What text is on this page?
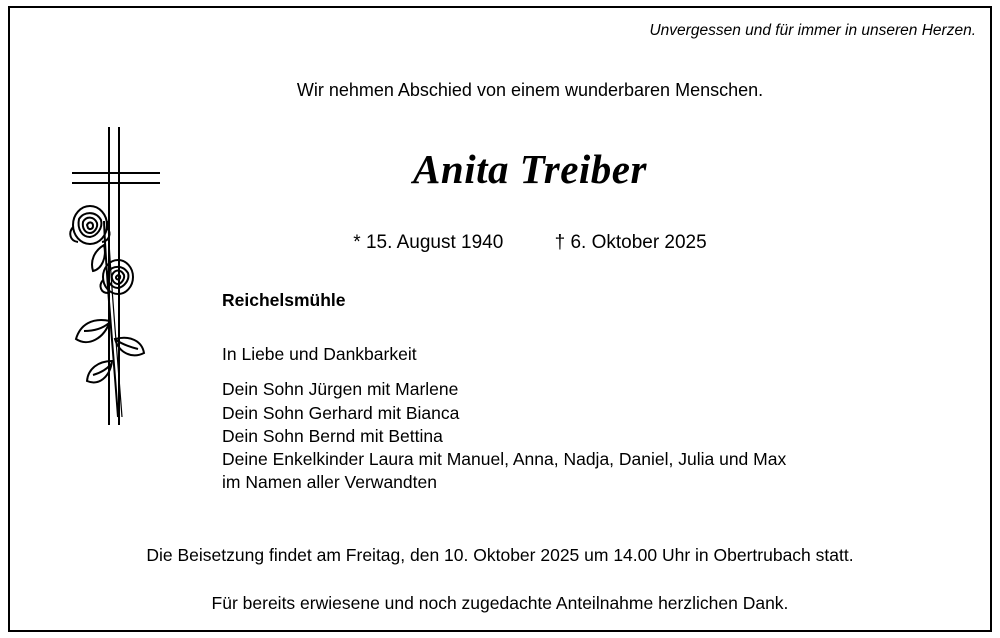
Unvergessen und für immer in unseren Herzen.
Wir nehmen Abschied von einem wunderbaren Menschen.
Anita Treiber
* 15. August 1940	† 6. Oktober 2025
Reichelsmühle
In Liebe und Dankbarkeit
Dein Sohn Jürgen mit Marlene
Dein Sohn Gerhard mit Bianca
Dein Sohn Bernd mit Bettina
Deine Enkelkinder Laura mit Manuel, Anna, Nadja, Daniel, Julia und Max
im Namen aller Verwandten
Die Beisetzung findet am Freitag, den 10. Oktober 2025 um 14.00 Uhr in Obertrubach statt.
Für bereits erwiesene und noch zugedachte Anteilnahme herzlichen Dank.
